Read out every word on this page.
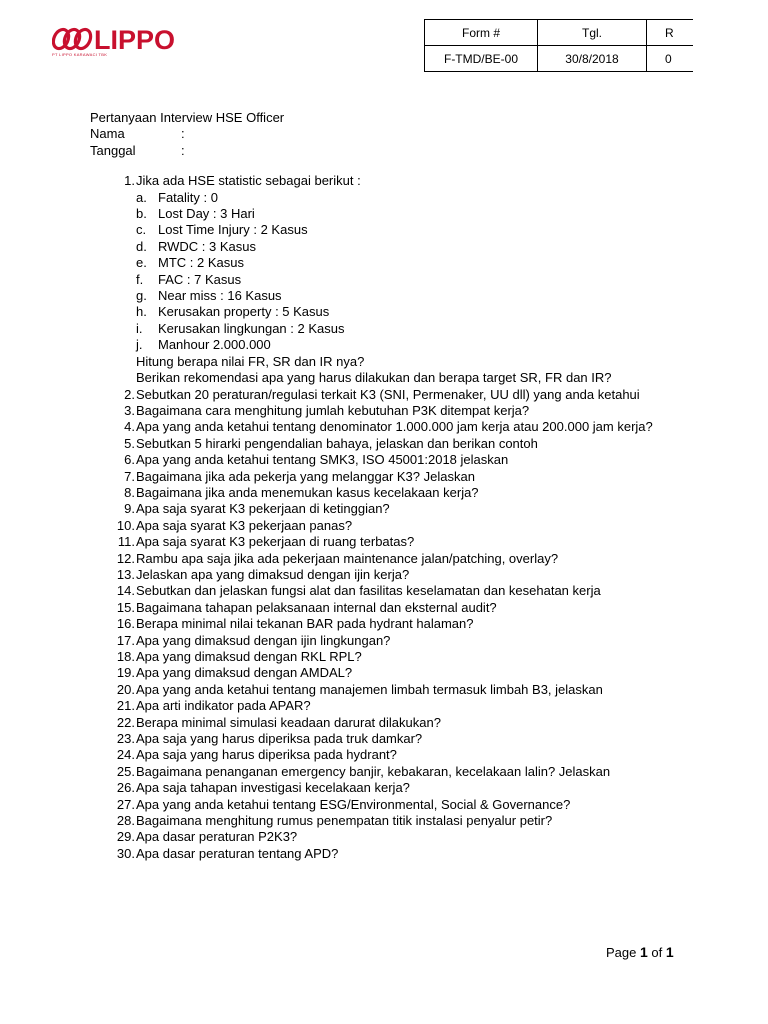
LIPPO
PT LIPPO KARAWACI TBK
Form #	Tgl.	R
F-TMD/BE-00	30/8/2018	0

Pertanyaan Interview HSE Officer

Nama	:
Tanggal	:
1. Jika ada HSE statistic sebagai berikut :
a. Fatality : 0
b. Lost Day : 3 Hari
c. Lost Time Injury : 2 Kasus
d. RWDC : 3 Kasus
e. MTC : 2 Kasus
f.	FAC : 7 Kasus
g. Near miss : 16 Kasus
h. Kerusakan property : 5 Kasus
i.	Kerusakan lingkungan : 2 Kasus
j.	Manhour 2.000.000
Hitung berapa nilai FR, SR dan IR nya?
Berikan rekomendasi apa yang harus dilakukan dan berapa target SR, FR dan IR?
2. Sebutkan 20 peraturan/regulasi terkait K3 (SNI, Permenaker, UU dll) yang anda ketahui
3. Bagaimana cara menghitung jumlah kebutuhan P3K ditempat kerja?
4. Apa yang anda ketahui tentang denominator 1.000.000 jam kerja atau 200.000 jam kerja?
5. Sebutkan 5 hirarki pengendalian bahaya, jelaskan dan berikan contoh
6. Apa yang anda ketahui tentang SMK3, ISO 45001:2018 jelaskan
7. Bagaimana jika ada pekerja yang melanggar K3? Jelaskan
8. Bagaimana jika anda menemukan kasus kecelakaan kerja?
9. Apa saja syarat K3 pekerjaan di ketinggian?
10. Apa saja syarat K3 pekerjaan panas?
11. Apa saja syarat K3 pekerjaan di ruang terbatas?
12. Rambu apa saja jika ada pekerjaan maintenance jalan/patching, overlay?
13. Jelaskan apa yang dimaksud dengan ijin kerja?
14. Sebutkan dan jelaskan fungsi alat dan fasilitas keselamatan dan kesehatan kerja
15. Bagaimana tahapan pelaksanaan internal dan eksternal audit?
16. Berapa minimal nilai tekanan BAR pada hydrant halaman?
17. Apa yang dimaksud dengan ijin lingkungan?
18. Apa yang dimaksud dengan RKL RPL?
19. Apa yang dimaksud dengan AMDAL?
20. Apa yang anda ketahui tentang manajemen limbah termasuk limbah B3, jelaskan
21. Apa arti indikator pada APAR?
22. Berapa minimal simulasi keadaan darurat dilakukan?
23. Apa saja yang harus diperiksa pada truk damkar?
24. Apa saja yang harus diperiksa pada hydrant?
25. Bagaimana penanganan emergency banjir, kebakaran, kecelakaan lalin? Jelaskan
26. Apa saja tahapan investigasi kecelakaan kerja?
27. Apa yang anda ketahui tentang ESG/Environmental, Social & Governance?
28. Bagaimana menghitung rumus penempatan titik instalasi penyalur petir?
29. Apa dasar peraturan P2K3?
30. Apa dasar peraturan tentang APD?
Page 1 of 1
